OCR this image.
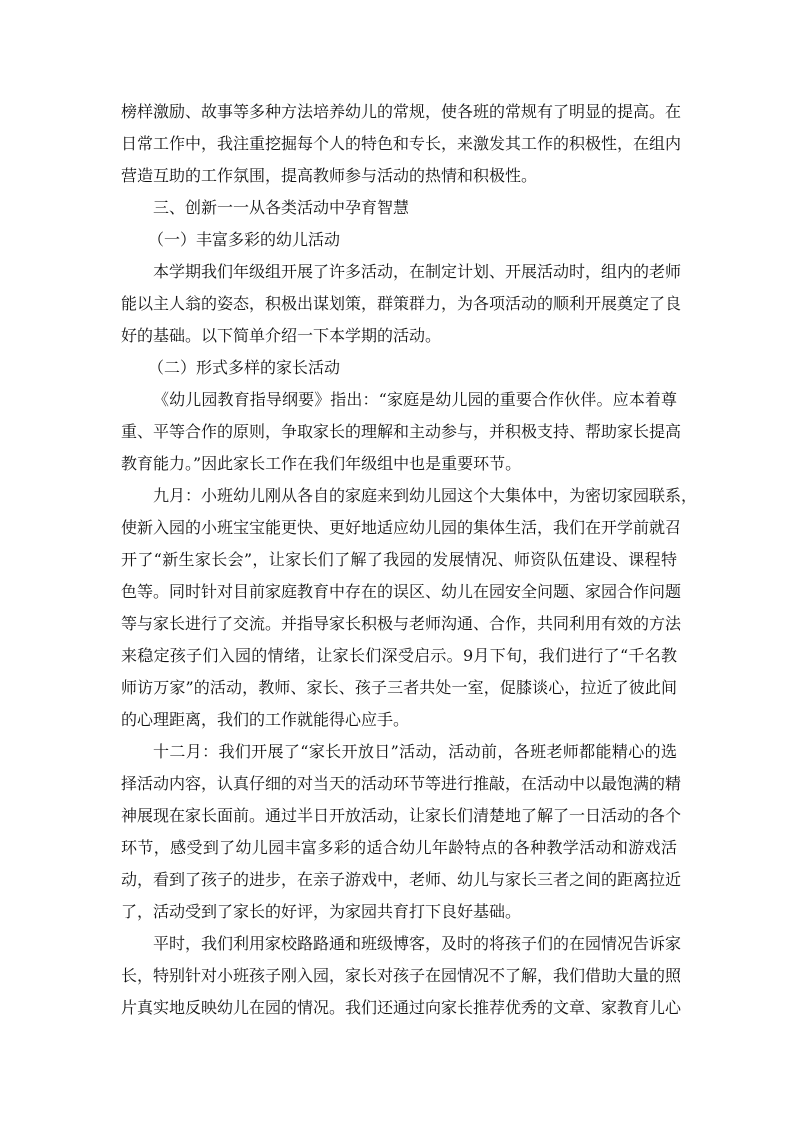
榜样激励、故事等多种方法培养幼儿的常规，使各班的常规有了明显的提高。在
日常工作中，我注重挖掘每个人的特色和专长，来激发其工作的积极性，在组内
营造互助的工作氛围，提高教师参与活动的热情和积极性。
三、创新一一从各类活动中孕育智慧
（一）丰富多彩的幼儿活动
本学期我们年级组开展了许多活动，在制定计划、开展活动时，组内的老师
能以主人翁的姿态，积极出谋划策，群策群力，为各项活动的顺利开展奠定了良
好的基础。以下简单介绍一下本学期的活动。
（二）形式多样的家长活动
《幼儿园教育指导纲要》指出：“家庭是幼儿园的重要合作伙伴。应本着尊
重、平等合作的原则，争取家长的理解和主动参与，并积极支持、帮助家长提高
教育能力。”因此家长工作在我们年级组中也是重要环节。
九月：小班幼儿刚从各自的家庭来到幼儿园这个大集体中，为密切家园联系，
使新入园的小班宝宝能更快、更好地适应幼儿园的集体生活，我们在开学前就召
开了“新生家长会”，让家长们了解了我园的发展情况、师资队伍建设、课程特
色等。同时针对目前家庭教育中存在的误区、幼儿在园安全问题、家园合作问题
等与家长进行了交流。并指导家长积极与老师沟通、合作，共同利用有效的方法
来稳定孩子们入园的情绪，让家长们深受启示。9月下旬，我们进行了“千名教
师访万家”的活动，教师、家长、孩子三者共处一室，促膝谈心，拉近了彼此间
的心理距离，我们的工作就能得心应手。
十二月：我们开展了“家长开放日”活动，活动前，各班老师都能精心的选
择活动内容，认真仔细的对当天的活动环节等进行推敲，在活动中以最饱满的精
神展现在家长面前。通过半日开放活动，让家长们清楚地了解了一日活动的各个
环节，感受到了幼儿园丰富多彩的适合幼儿年龄特点的各种教学活动和游戏活
动，看到了孩子的进步，在亲子游戏中，老师、幼儿与家长三者之间的距离拉近
了，活动受到了家长的好评，为家园共育打下良好基础。
平时，我们利用家校路路通和班级博客，及时的将孩子们的在园情况告诉家
长，特别针对小班孩子刚入园，家长对孩子在园情况不了解，我们借助大量的照
片真实地反映幼儿在园的情况。我们还通过向家长推荐优秀的文章、家教育儿心
